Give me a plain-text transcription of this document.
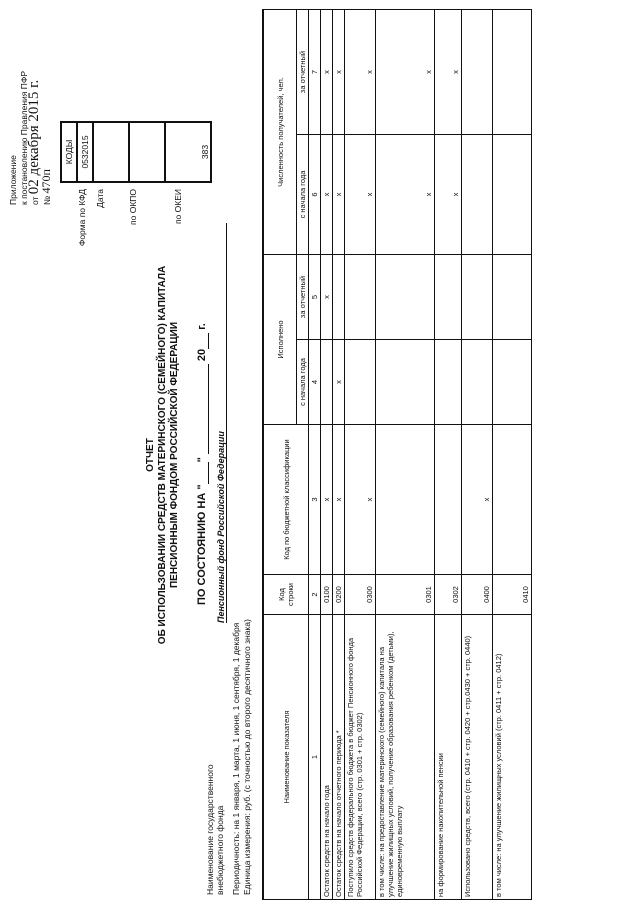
Приложение к постановлению Правления ПФР от 02 декабря 2015 г.
№ 470п
ОТЧЕТ ОБ ИСПОЛЬЗОВАНИИ СРЕДСТВ МАТЕРИНСКОГО (СЕМЕЙНОГО) КАПИТАЛА ПЕНСИОННЫМ ФОНДОМ РОССИЙСКОЙ ФЕДЕРАЦИИ ПО СОСТОЯНИЮ НА " "   20  г.
КОДЫ
0532015

383
Форма по КФД Дата	по ОКПО	по ОКЕИ
Наименование государственного внебюджетного фонда
Пенсионный фонд Российской Федерации
Периодичность: на 1 января, 1 марта, 1 июня, 1 сентября, 1 декабря Единица измерения: руб. (с точностью до второго десятичного знака)	Наименование показателя	Код строки	Код по бюджетной классификации	Исполнено		Численность получателей, чел.	
			с начала года	за отчетный	с начала года	за отчетный
1	2	3	4	5	6	7
Остаток средств на начало года	0100	х		х	х	х
Остаток средств на начало отчетного периода *	0200	х	х		х	х
Поступило средств федерального бюджета в бюджет Пенсионного фонда Российской Федерации, всего (стр. 0301 + стр. 0302)	0300	х			х	х
в том числе: на предоставление материнского (семейного) капитала на улучшение жилищных условий, получение образования ребенком (детьми), единовременную выплату	0301				х	х
на формирование накопительной пенсии	0302				х	х
Использовано средств, всего (стр. 0410 + стр. 0420 + стр.0430 + стр. 0440)	0400	х				
в том числе: на улучшение жилищных условий (стр. 0411 + стр. 0412)	0410					
